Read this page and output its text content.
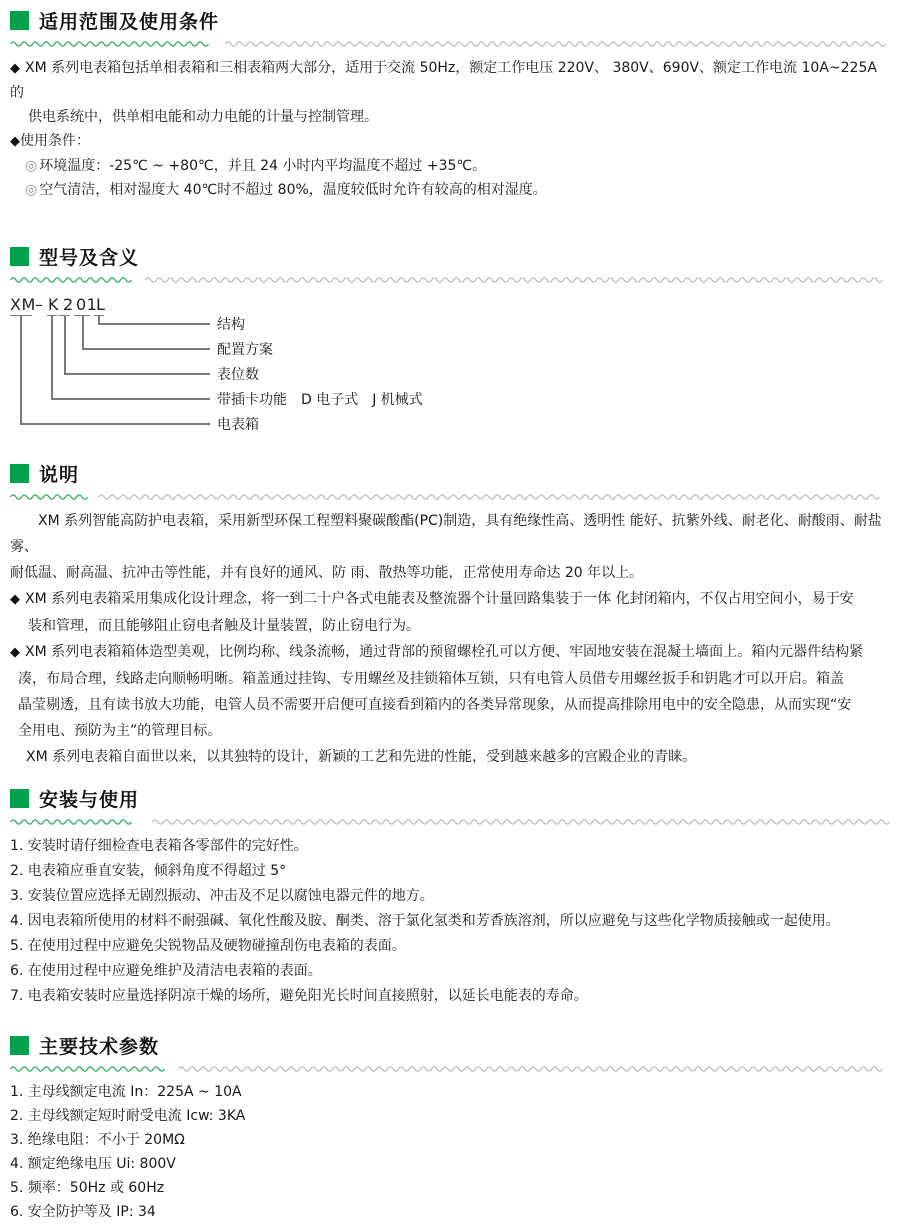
适用范围及使用条件
◆ XM 系列电表箱包括单相表箱和三相表箱两大部分，适用于交流 50Hz，额定工作电压 220V、 380V、690V、额定工作电流 10A~225A 的
供电系统中，供单相电能和动力电能的计量与控制管理。
◆使用条件：
◎ 环境温度：-25℃ ~ +80℃，并且 24 小时内平均温度不超过 +35℃。
◎ 空气清洁，相对湿度大 40℃时不超过 80%，温度较低时允许有较高的相对湿度。
型号及含义
XM – K 2 01
L
结构
配置方案
表位数
带插卡功能　D 电子式　J 机械式
电表箱
说明
XM 系列智能高防护电表箱，采用新型环保工程塑料聚碳酸酯(PC)制造，具有绝缘性高、透明性 能好、抗紫外线、耐老化、耐酸雨、耐盐雾、
耐低温、耐高温、抗冲击等性能，并有良好的通风、防 雨、散热等功能，正常使用寿命达 20 年以上。
◆ XM 系列电表箱采用集成化设计理念，将一到二十户各式电能表及整流器个计量回路集装于一体 化封闭箱内，不仅占用空间小，易于安
装和管理，而且能够阻止窃电者触及计量装置，防止窃电行为。
◆ XM 系列电表箱箱体造型美观，比例均称、线条流畅，通过背部的预留螺栓孔可以方便、牢固地安装在混凝土墙面上。箱内元器件结构紧
凑，布局合理，线路走向顺畅明晰。箱盖通过挂钩、专用螺丝及挂锁箱体互锁，只有电管人员借专用螺丝扳手和钥匙才可以开启。箱盖
晶莹剔透，且有读书放大功能，电管人员不需要开启便可直接看到箱内的各类异常现象，从而提高排除用电中的安全隐患，从而实现“安
全用电、预防为主”的管理目标。
XM 系列电表箱自面世以来，以其独特的设计，新颖的工艺和先进的性能，受到越来越多的宫殿企业的青睐。
安装与使用
1. 安装时请仔细检查电表箱各零部件的完好性。
2. 电表箱应垂直安装，倾斜角度不得超过 5°
3. 安装位置应选择无剧烈振动、冲击及不足以腐蚀电器元件的地方。
4. 因电表箱所使用的材料不耐强碱、氧化性酸及胺、酮类、溶于氯化氢类和芳香族溶剂，所以应避免与这些化学物质接触或一起使用。
5. 在使用过程中应避免尖锐物品及硬物碰撞刮伤电表箱的表面。
6. 在使用过程中应避免维护及清洁电表箱的表面。
7. 电表箱安装时应量选择阴凉干燥的场所，避免阳光长时间直接照射，以延长电能表的寿命。
主要技术参数
1. 主母线额定电流 In：225A ~ 10A
2. 主母线额定短时耐受电流 Icw: 3KA
3. 绝缘电阻：不小于 20MΩ
4. 额定绝缘电压 Ui: 800V
5. 频率：50Hz 或 60Hz
6. 安全防护等及 IP: 34
